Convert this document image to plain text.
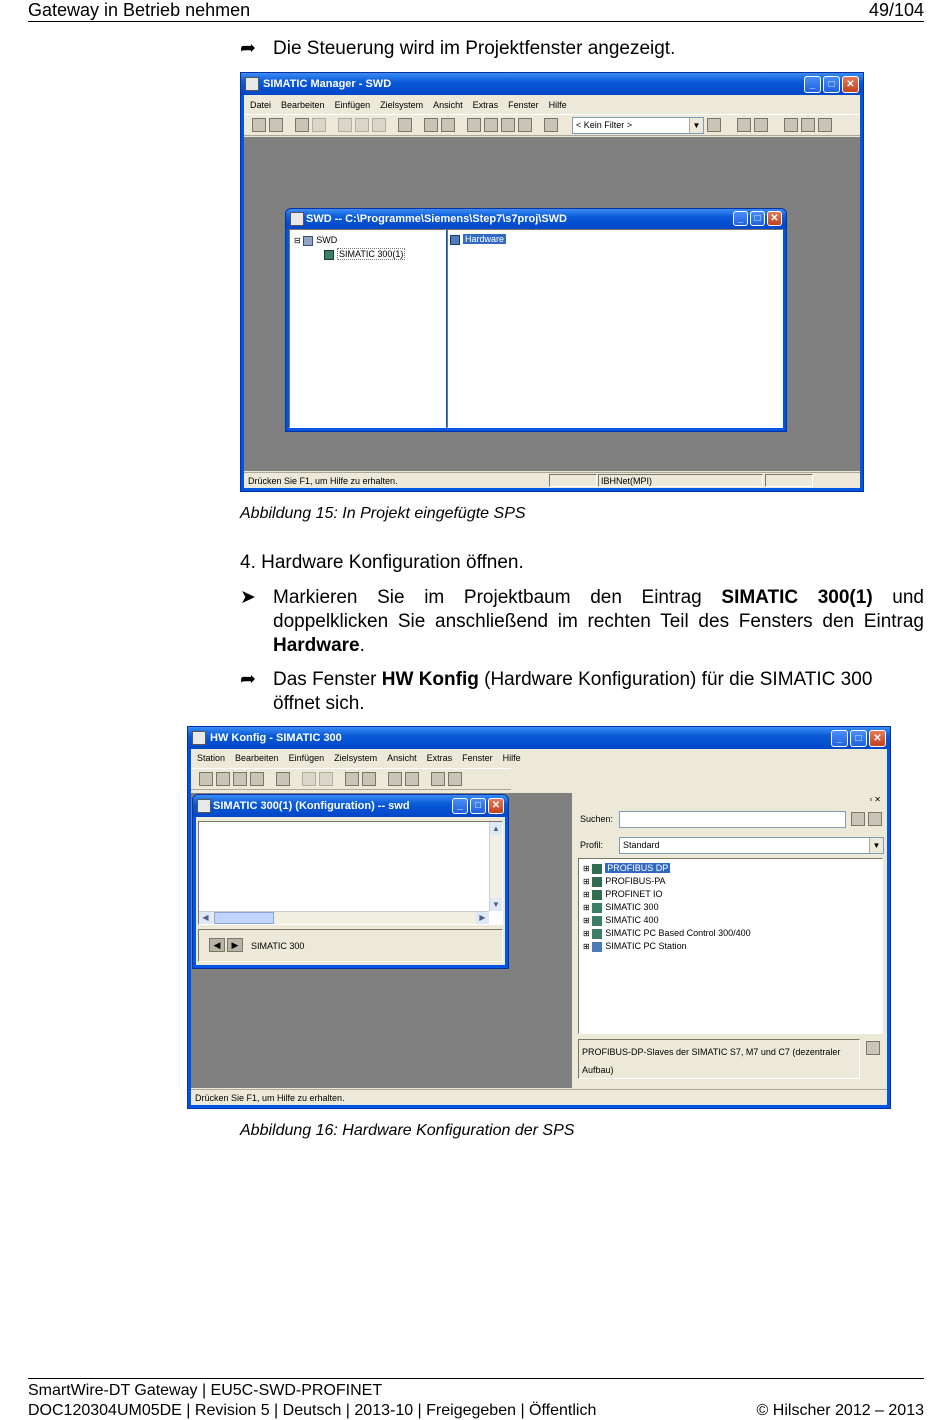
Gateway in Betrieb nehmen	49/104
➦ Die Steuerung wird im Projektfenster angezeigt.
SIMATIC Manager - SWD	_	□	✕
Datei Bearbeiten Einfügen Zielsystem Ansicht Extras Fenster Hilfe
< Kein Filter >	▼
SWD -- C:\Programme\Siemens\Step7\s7proj\SWD	_	□ ✕
⊟ SWD
SIMATIC 300(1)
Hardware
Drücken Sie F1, um Hilfe zu erhalten.	IBHNet(MPI)
Abbildung 15: In Projekt eingefügte SPS
4. Hardware Konfiguration öffnen.
➤ Markieren Sie im Projektbaum den Eintrag SIMATIC 300(1) und doppelklicken Sie anschließend im rechten Teil des Fensters den Eintrag Hardware.
➦ Das Fenster HW Konfig (Hardware Konfiguration) für die SIMATIC 300 öffnet sich.
HW Konfig - SIMATIC 300	_	□	✕
Station Bearbeiten Einfügen Zielsystem Ansicht Extras Fenster Hilfe
SIMATIC 300(1) (Konfiguration) -- swd	_	□	✕
▲
▼
◀	▶
◀	▶	SIMATIC 300
▫✕
Suchen:
Profil:	Standard	▼
⊞ PROFIBUS DP
⊞ PROFIBUS-PA
⊞ PROFINET IO
⊞ SIMATIC 300
⊞ SIMATIC 400
⊞ SIMATIC PC Based Control 300/400
⊞ SIMATIC PC Station
PROFIBUS-DP-Slaves der SIMATIC S7, M7 und C7 (dezentraler Aufbau)
Drücken Sie F1, um Hilfe zu erhalten.
Abbildung 16: Hardware Konfiguration der SPS
SmartWire-DT Gateway | EU5C-SWD-PROFINET
DOC120304UM05DE | Revision 5 | Deutsch | 2013-10 | Freigegeben | Öffentlich	© Hilscher 2012 – 2013
